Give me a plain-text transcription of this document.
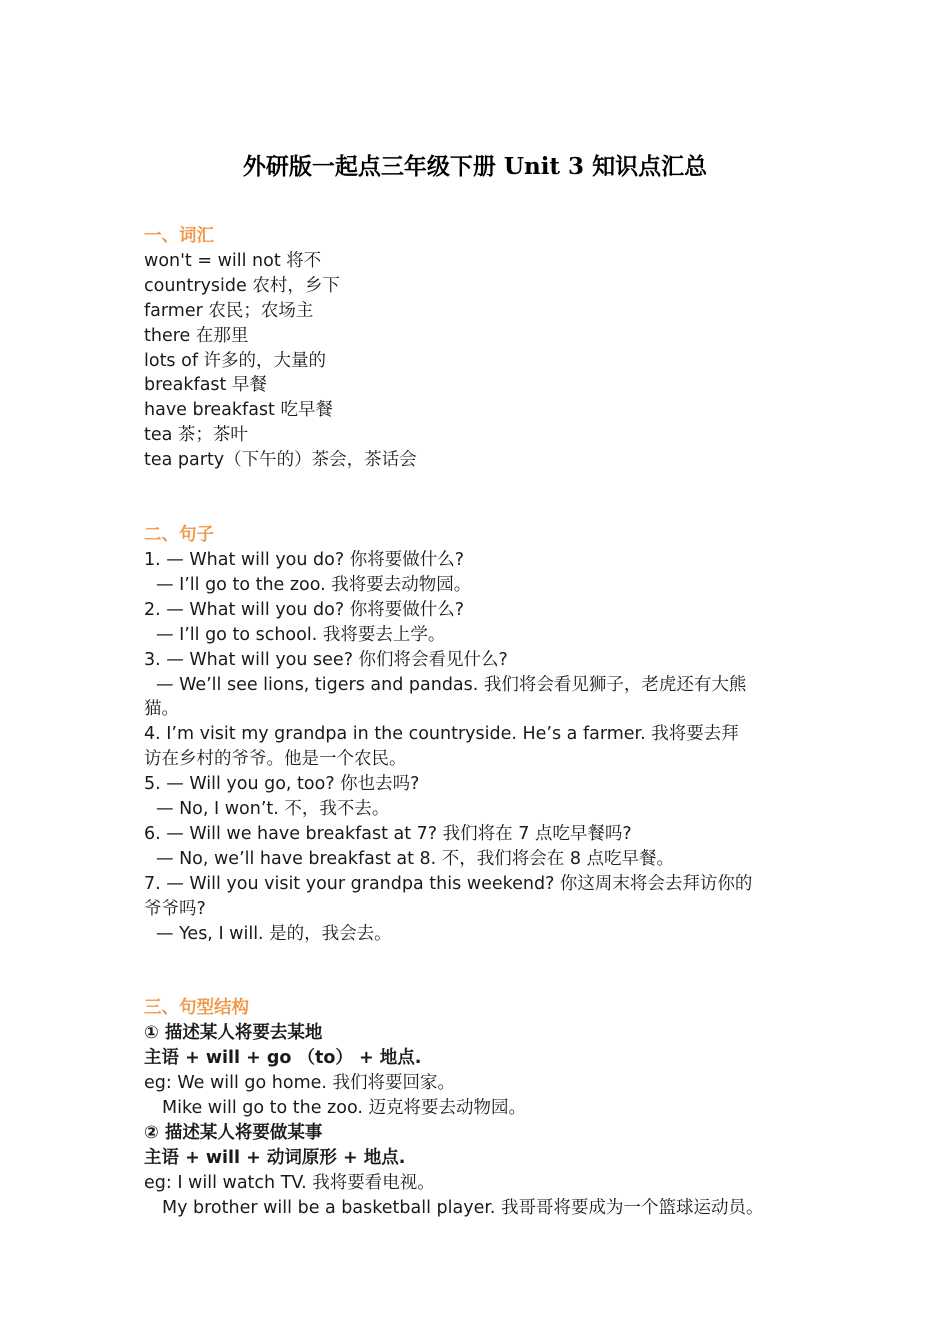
外研版一起点三年级下册 Unit 3 知识点汇总
一、词汇
won't = will not 将不
countryside 农村，乡下
farmer 农民；农场主
there 在那里
lots of 许多的，大量的
breakfast 早餐
have breakfast 吃早餐
tea 茶；茶叶
tea party（下午的）茶会，茶话会
二、句子
1. — What will you do? 你将要做什么?
— I’ll go to the zoo. 我将要去动物园。
2. — What will you do? 你将要做什么?
— I’ll go to school. 我将要去上学。
3. — What will you see? 你们将会看见什么?
— We’ll see lions, tigers and pandas. 我们将会看见狮子，老虎还有大熊
猫。
4. I’m visit my grandpa in the countryside. He’s a farmer. 我将要去拜
访在乡村的爷爷。他是一个农民。
5. — Will you go, too? 你也去吗?
— No, I won’t. 不，我不去。
6. — Will we have breakfast at 7? 我们将在 7 点吃早餐吗?
— No, we’ll have breakfast at 8. 不，我们将会在 8 点吃早餐。
7. — Will you visit your grandpa this weekend? 你这周末将会去拜访你的
爷爷吗?
— Yes, I will. 是的，我会去。
三、句型结构
① 描述某人将要去某地
主语 + will + go （to） + 地点.
eg: We will go home. 我们将要回家。
Mike will go to the zoo. 迈克将要去动物园。
② 描述某人将要做某事
主语 + will + 动词原形 + 地点.
eg: I will watch TV. 我将要看电视。
My brother will be a basketball player. 我哥哥将要成为一个篮球运动员。
